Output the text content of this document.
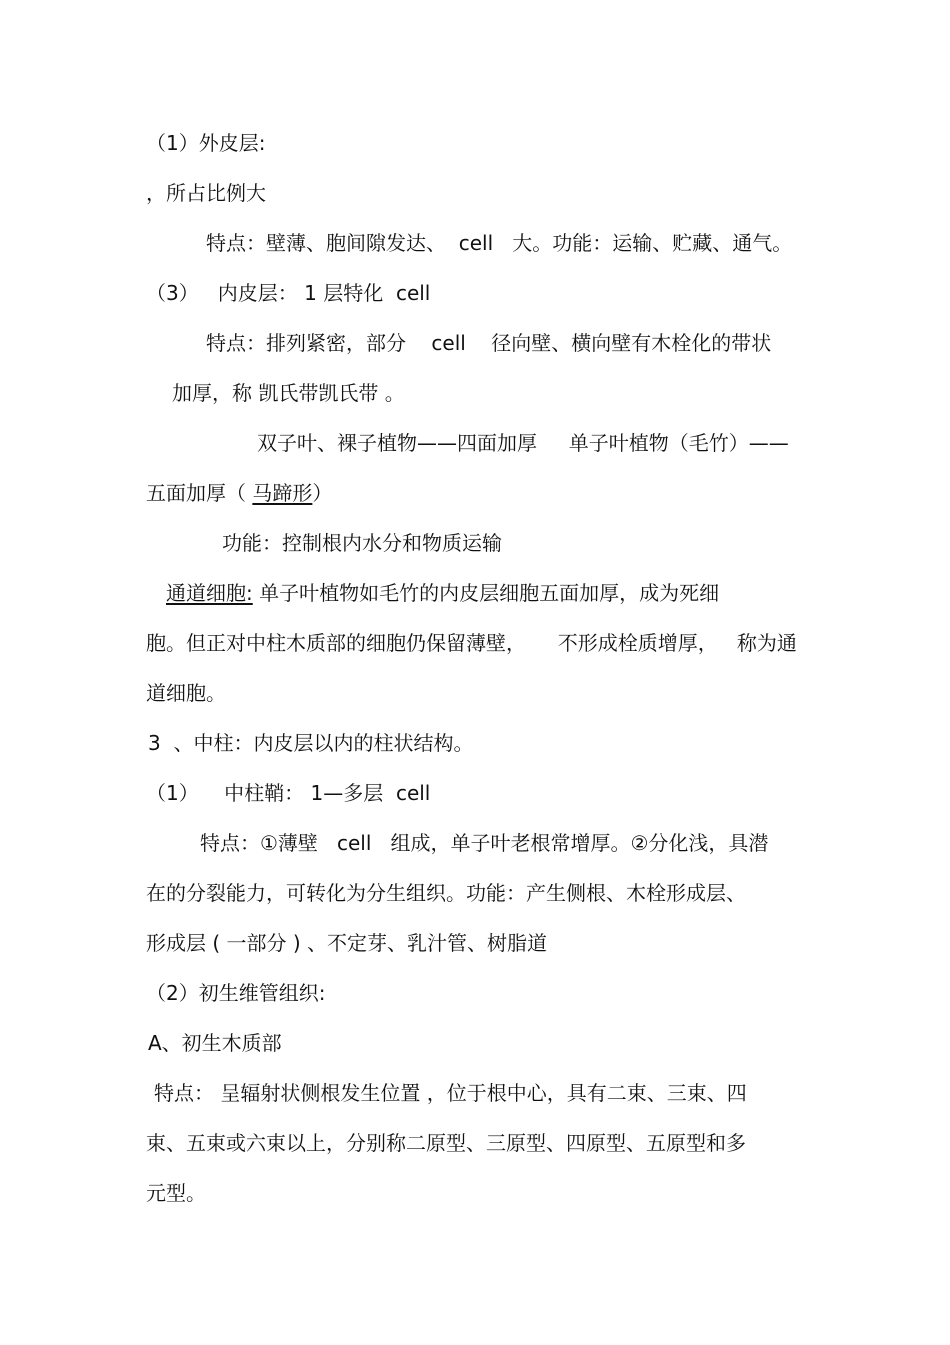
（1）外皮层:
，所占比例大
特点：壁薄、胞间隙发达、  cell   大。功能：运输、贮藏、通气。
（3）   内皮层： 1 层特化  cell
特点：排列紧密，部分    cell    径向壁、横向壁有木栓化的带状
加厚，称 凯氏带凯氏带 。
双子叶、裸子植物——四面加厚     单子叶植物（毛竹）——
五面加厚（ 马蹄形）
功能：控制根内水分和物质运输
通道细胞: 单子叶植物如毛竹的内皮层细胞五面加厚，成为死细
胞。但正对中柱木质部的细胞仍保留薄壁，     不形成栓质增厚，   称为通
道细胞。
3  、中柱：内皮层以内的柱状结构。
（1）    中柱鞘： 1—多层  cell
特点：①薄壁   cell   组成，单子叶老根常增厚。②分化浅，具潜
在的分裂能力，可转化为分生组织。功能：产生侧根、木栓形成层、
形成层 ( 一部分 ) 、不定芽、乳汁管、树脂道
（2）初生维管组织:
A、初生木质部
特点： 呈辐射状侧根发生位置 ，位于根中心，具有二束、三束、四
束、五束或六束以上，分别称二原型、三原型、四原型、五原型和多
元型。
